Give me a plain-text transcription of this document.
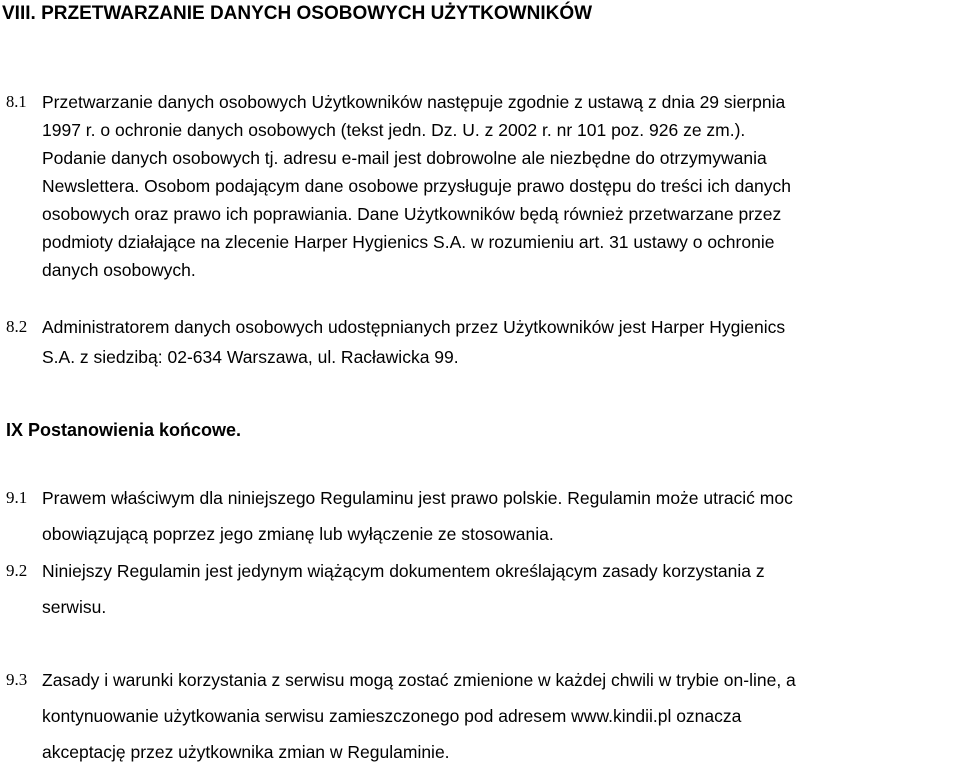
VIII. PRZETWARZANIE DANYCH OSOBOWYCH UŻYTKOWNIKÓW
8.1 Przetwarzanie danych osobowych Użytkowników następuje zgodnie z ustawą z dnia 29 sierpnia
1997 r. o ochronie danych osobowych (tekst jedn. Dz. U. z 2002 r. nr 101 poz. 926 ze zm.).
Podanie danych osobowych tj. adresu e-mail jest dobrowolne ale niezbędne do otrzymywania
Newslettera. Osobom podającym dane osobowe przysługuje prawo dostępu do treści ich danych
osobowych oraz prawo ich poprawiania. Dane Użytkowników będą również przetwarzane przez
podmioty działające na zlecenie Harper Hygienics S.A. w rozumieniu art. 31 ustawy o ochronie
danych osobowych.
8.2 Administratorem danych osobowych udostępnianych przez Użytkowników jest Harper Hygienics
S.A. z siedzibą: 02-634 Warszawa, ul. Racławicka 99.
IX Postanowienia końcowe.
9.1 Prawem właściwym dla niniejszego Regulaminu jest prawo polskie. Regulamin może utracić moc
obowiązującą poprzez jego zmianę lub wyłączenie ze stosowania.
9.2 Niniejszy Regulamin jest jedynym wiążącym dokumentem określającym zasady korzystania z
serwisu.
9.3 Zasady i warunki korzystania z serwisu mogą zostać zmienione w każdej chwili w trybie on-line, a
kontynuowanie użytkowania serwisu zamieszczonego pod adresem www.kindii.pl oznacza
akceptację przez użytkownika zmian w Regulaminie.
